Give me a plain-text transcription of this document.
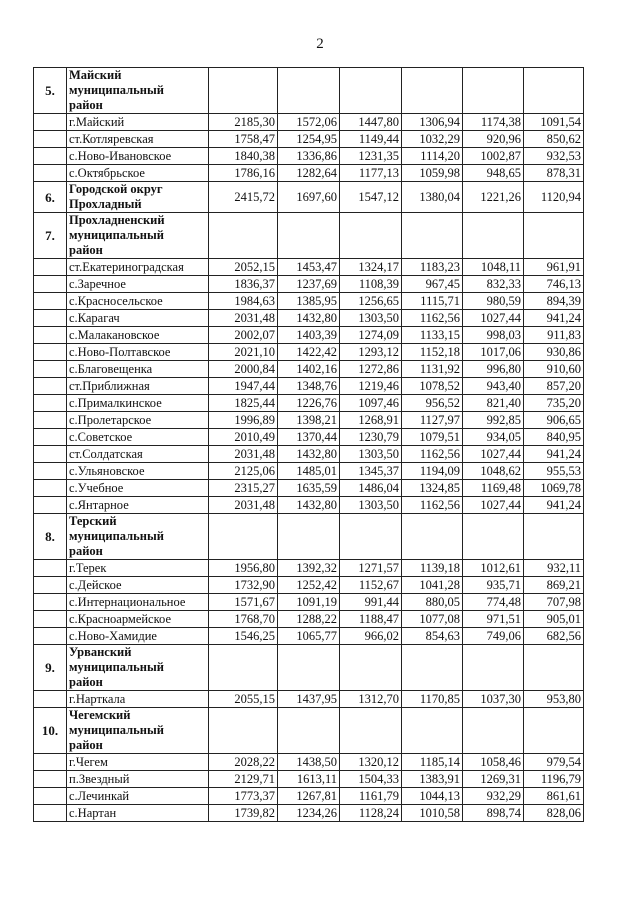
2
5.	Майский
муниципальный
район						

	г.Майский	2185,30	1572,06	1447,80	1306,94	1174,38	1091,54
	ст.Котляревская	1758,47	1254,95	1149,44	1032,29	920,96	850,62
	с.Ново-Ивановское	1840,38	1336,86	1231,35	1114,20	1002,87	932,53
	с.Октябрьское	1786,16	1282,64	1177,13	1059,98	948,65	878,31
6.	Городской округ
Прохладный	2415,72	1697,60	1547,12	1380,04	1221,26	1120,94
7.	Прохладненский
муниципальный
район						

	ст.Екатериноградская	2052,15	1453,47	1324,17	1183,23	1048,11	961,91
	с.Заречное	1836,37	1237,69	1108,39	967,45	832,33	746,13
	с.Красносельское	1984,63	1385,95	1256,65	1115,71	980,59	894,39
	с.Карагач	2031,48	1432,80	1303,50	1162,56	1027,44	941,24
	с.Малакановское	2002,07	1403,39	1274,09	1133,15	998,03	911,83
	с.Ново-Полтавское	2021,10	1422,42	1293,12	1152,18	1017,06	930,86
	с.Благовещенка	2000,84	1402,16	1272,86	1131,92	996,80	910,60
	ст.Приближная	1947,44	1348,76	1219,46	1078,52	943,40	857,20
	с.Прималкинское	1825,44	1226,76	1097,46	956,52	821,40	735,20
	с.Пролетарское	1996,89	1398,21	1268,91	1127,97	992,85	906,65
	с.Советское	2010,49	1370,44	1230,79	1079,51	934,05	840,95
	ст.Солдатская	2031,48	1432,80	1303,50	1162,56	1027,44	941,24
	с.Ульяновское	2125,06	1485,01	1345,37	1194,09	1048,62	955,53
	с.Учебное	2315,27	1635,59	1486,04	1324,85	1169,48	1069,78
	с.Янтарное	2031,48	1432,80	1303,50	1162,56	1027,44	941,24
8.	Терский
муниципальный
район						

	г.Терек	1956,80	1392,32	1271,57	1139,18	1012,61	932,11
	с.Дейское	1732,90	1252,42	1152,67	1041,28	935,71	869,21
	с.Интернациональное	1571,67	1091,19	991,44	880,05	774,48	707,98
	с.Красноармейское	1768,70	1288,22	1188,47	1077,08	971,51	905,01
	с.Ново-Хамидие	1546,25	1065,77	966,02	854,63	749,06	682,56
9.	Урванский
муниципальный
район						

	г.Нарткала	2055,15	1437,95	1312,70	1170,85	1037,30	953,80
10.	Чегемский
муниципальный
район						

	г.Чегем	2028,22	1438,50	1320,12	1185,14	1058,46	979,54
	п.Звездный	2129,71	1613,11	1504,33	1383,91	1269,31	1196,79
	с.Лечинкай	1773,37	1267,81	1161,79	1044,13	932,29	861,61
	с.Нартан	1739,82	1234,26	1128,24	1010,58	898,74	828,06
